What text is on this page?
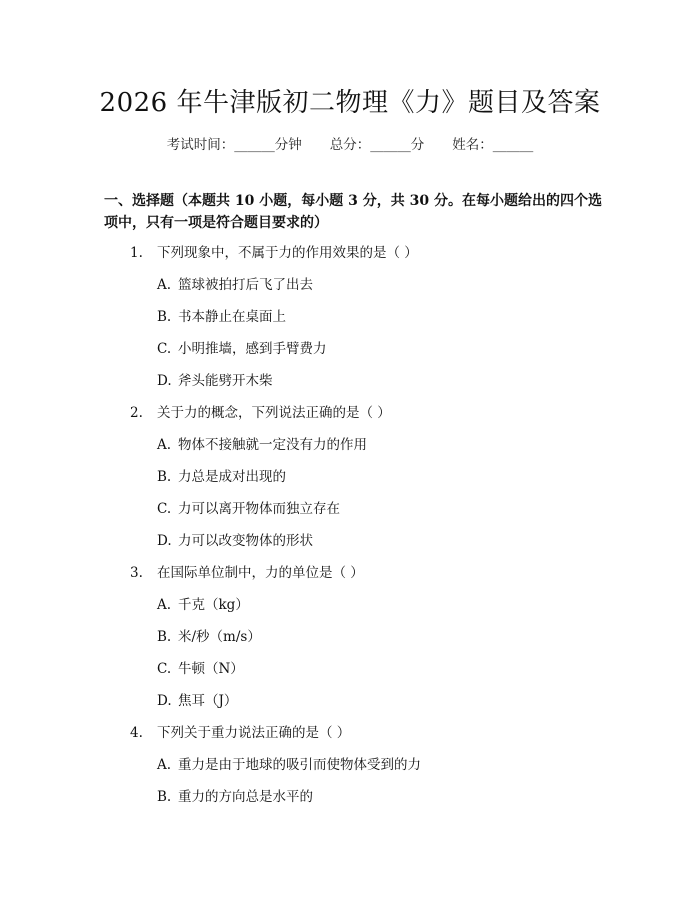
2026 年牛津版初二物理《力》题目及答案
考试时间：______分钟 总分：______分 姓名：______
一、选择题（本题共 10 小题，每小题 3 分，共 30 分。在每小题给出的四个选项中，只有一项是符合题目要求的）
1. 下列现象中，不属于力的作用效果的是（ ）
A. 篮球被拍打后飞了出去
B. 书本静止在桌面上
C. 小明推墙，感到手臂费力
D. 斧头能劈开木柴
2. 关于力的概念，下列说法正确的是（ ）
A. 物体不接触就一定没有力的作用
B. 力总是成对出现的
C. 力可以离开物体而独立存在
D. 力可以改变物体的形状
3. 在国际单位制中，力的单位是（ ）
A. 千克（kg）
B. 米/秒（m/s）
C. 牛顿（N）
D. 焦耳（J）
4. 下列关于重力说法正确的是（ ）
A. 重力是由于地球的吸引而使物体受到的力
B. 重力的方向总是水平的
